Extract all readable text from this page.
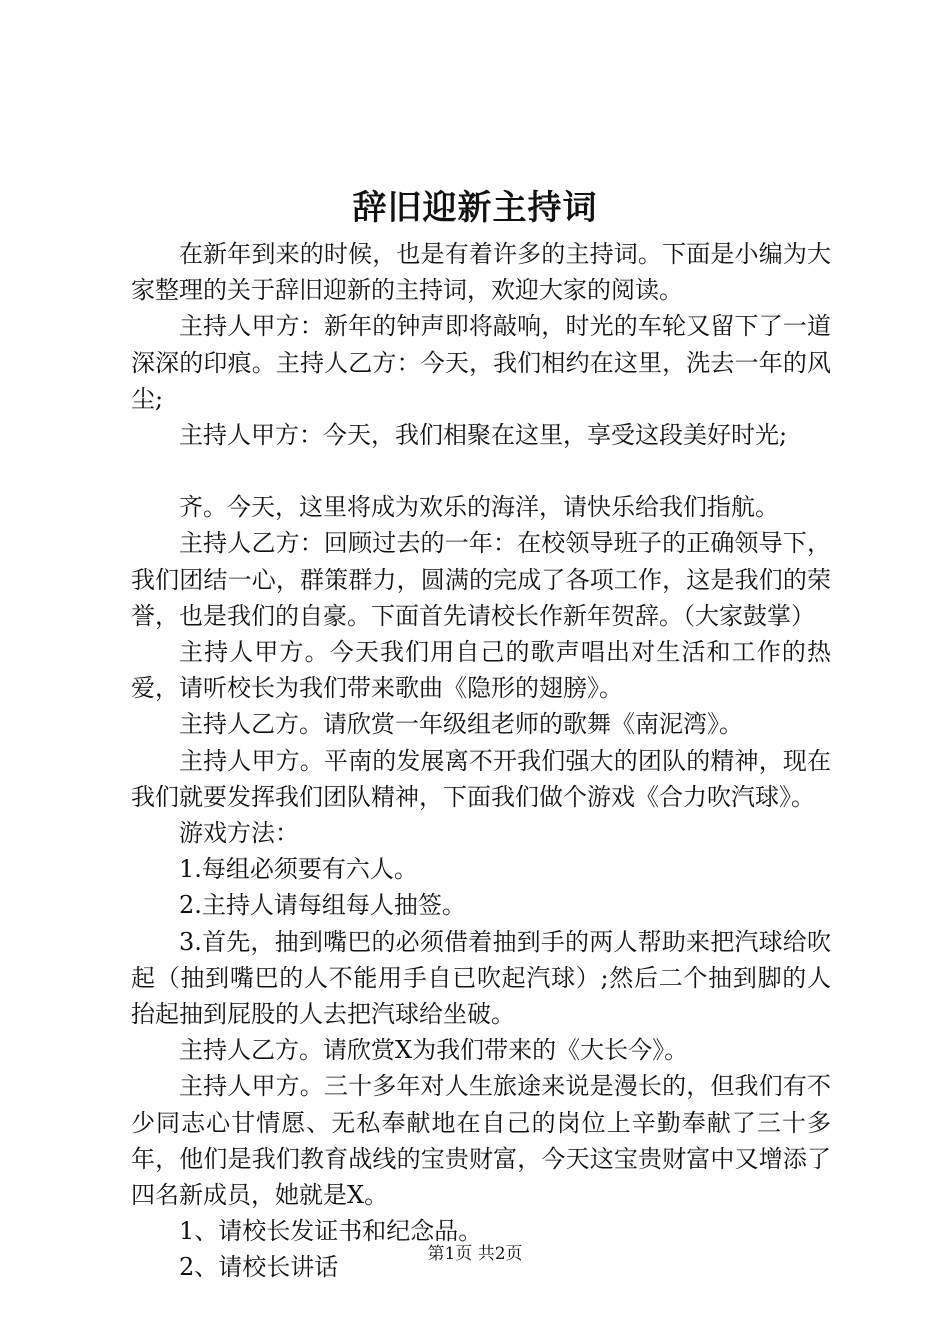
辞旧迎新主持词

在新年到来的时候，也是有着许多的主持词。下面是小编为大家整理的关于辞旧迎新的主持词，欢迎大家的阅读。

主持人甲方：新年的钟声即将敲响，时光的车轮又留下了一道深深的印痕。主持人乙方：今天，我们相约在这里，洗去一年的风尘;

主持人甲方：今天，我们相聚在这里，享受这段美好时光;

齐。今天，这里将成为欢乐的海洋，请快乐给我们指航。

主持人乙方：回顾过去的一年：在校领导班子的正确领导下，我们团结一心，群策群力，圆满的完成了各项工作，这是我们的荣誉，也是我们的自豪。下面首先请校长作新年贺辞。（大家鼓掌）

主持人甲方。今天我们用自己的歌声唱出对生活和工作的热爱，请听校长为我们带来歌曲《隐形的翅膀》。

主持人乙方。请欣赏一年级组老师的歌舞《南泥湾》。

主持人甲方。平南的发展离不开我们强大的团队的精神，现在我们就要发挥我们团队精神，下面我们做个游戏《合力吹汽球》。

游戏方法：

1.每组必须要有六人。

2.主持人请每组每人抽签。

3.首先，抽到嘴巴的必须借着抽到手的两人帮助来把汽球给吹起（抽到嘴巴的人不能用手自已吹起汽球）;然后二个抽到脚的人抬起抽到屁股的人去把汽球给坐破。

主持人乙方。请欣赏X为我们带来的《大长今》。

主持人甲方。三十多年对人生旅途来说是漫长的，但我们有不少同志心甘情愿、无私奉献地在自己的岗位上辛勤奉献了三十多年，他们是我们教育战线的宝贵财富，今天这宝贵财富中又增添了四名新成员，她就是X。

1、请校长发证书和纪念品。

2、请校长讲话	第1页 共2页
